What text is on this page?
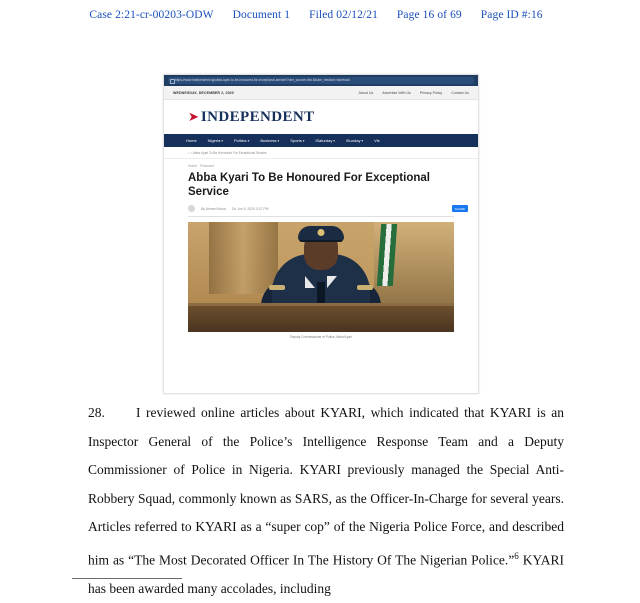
Case 2:21-cr-00203-ODW Document 1 Filed 02/12/21 Page 16 of 69 Page ID #:16
https://www.independent.ng/abba-kyari-to-be-honoured-for-exceptional-service/?utm_source=dlvr.it&utm_medium=facebook
WEDNESDAY, DECEMBER 2, 2020	About Us	Advertise With Us	Privacy Policy	Contact Us
➤ INDEPENDENT
Home	Nigeria ▾	Politics ▾	Business ▾	Sports ▾	iSaturday ▾	iSunday ▾	Vie
⌂ › Abba Kyari To Be Honoured For Exceptional Service
Home · Featured
Abba Kyari To Be Honoured For Exceptional Service
By Ahmed Musa On Jun 9, 2020 3:37 PM	SHARE
Deputy Commissioner of Police, Abba Kyari
28. I reviewed online articles about KYARI, which indicated that KYARI is an Inspector General of the Police’s Intelligence Response Team and a Deputy Commissioner of Police in Nigeria. KYARI previously managed the Special Anti-Robbery Squad, commonly known as SARS, as the Officer-In-Charge for several years. Articles referred to KYARI as a “super cop” of the Nigeria Police Force, and described him as “The Most Decorated Officer In The History Of The Nigerian Police.”$^6$ KYARI has been awarded many accolades, including
